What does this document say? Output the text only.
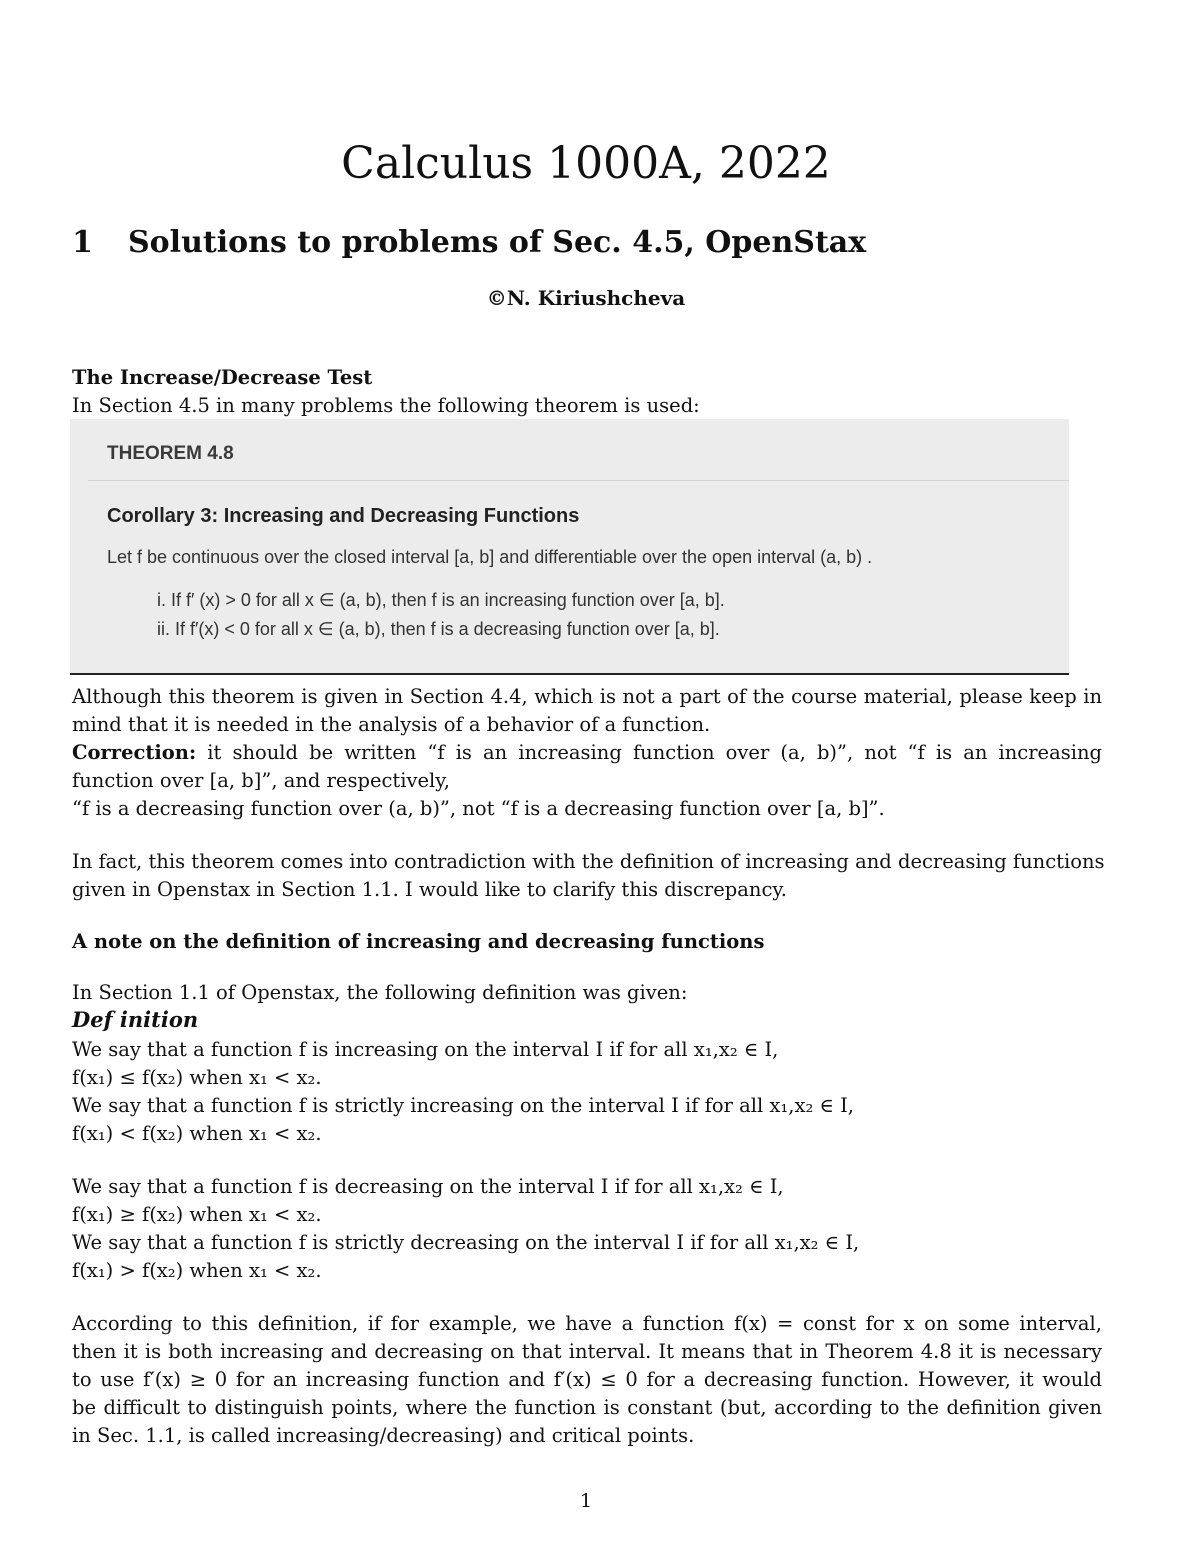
Calculus 1000A, 2022
1 Solutions to problems of Sec. 4.5, OpenStax
©N. Kiriushcheva
The Increase/Decrease Test
In Section 4.5 in many problems the following theorem is used:
THEOREM 4.8
Corollary 3: Increasing and Decreasing Functions
Let f be continuous over the closed interval [a, b] and differentiable over the open interval (a, b) .
i. If f′ (x) > 0 for all x ∈ (a, b), then f is an increasing function over [a, b].
ii. If f′(x) < 0 for all x ∈ (a, b), then f is a decreasing function over [a, b].
Although this theorem is given in Section 4.4, which is not a part of the course material, please keep in
mind that it is needed in the analysis of a behavior of a function.
Correction: it should be written “f is an increasing function over (a, b)”, not “f is an increasing
function over [a, b]”, and respectively,
“f is a decreasing function over (a, b)”, not “f is a decreasing function over [a, b]”.
In fact, this theorem comes into contradiction with the definition of increasing and decreasing functions
given in Openstax in Section 1.1. I would like to clarify this discrepancy.
A note on the definition of increasing and decreasing functions
In Section 1.1 of Openstax, the following definition was given:
Def inition
We say that a function f is increasing on the interval I if for all x₁,x₂ ∈ I,
f(x₁) ≤ f(x₂) when x₁ < x₂.
We say that a function f is strictly increasing on the interval I if for all x₁,x₂ ∈ I,
f(x₁) < f(x₂) when x₁ < x₂.
We say that a function f is decreasing on the interval I if for all x₁,x₂ ∈ I,
f(x₁) ≥ f(x₂) when x₁ < x₂.
We say that a function f is strictly decreasing on the interval I if for all x₁,x₂ ∈ I,
f(x₁) > f(x₂) when x₁ < x₂.
According to this definition, if for example, we have a function f(x) = const for x on some interval,
then it is both increasing and decreasing on that interval. It means that in Theorem 4.8 it is necessary
to use f′(x) ≥ 0 for an increasing function and f′(x) ≤ 0 for a decreasing function. However, it would
be difficult to distinguish points, where the function is constant (but, according to the definition given
in Sec. 1.1, is called increasing/decreasing) and critical points.
1
